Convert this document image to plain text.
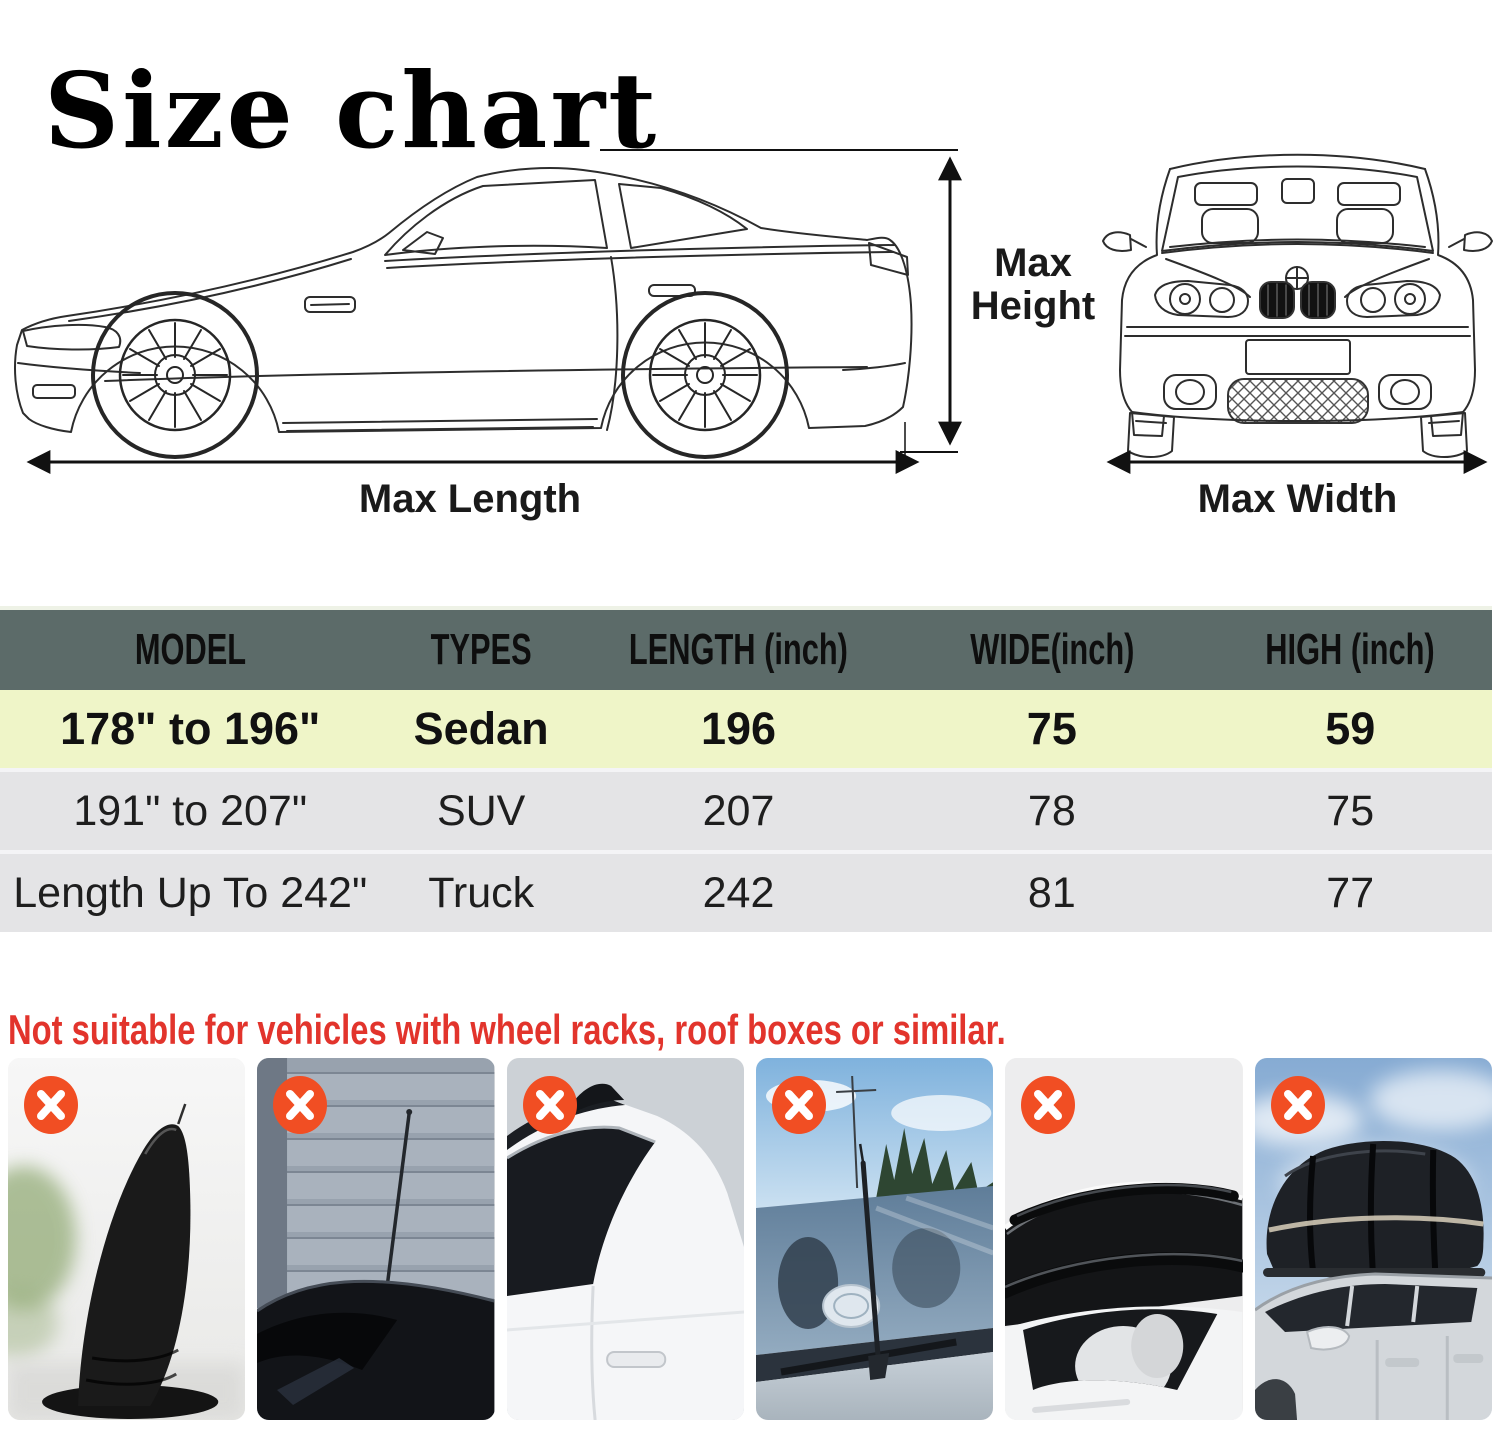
Size chart
Max Height
Max Length	Max Width
MODEL	TYPES	LENGTH (inch)	WIDE(inch)	HIGH (inch)
178" to 196"	Sedan	196	75	59
191" to 207"	SUV	207	78	75
Length Up To 242"	Truck	242	81	77

Not suitable for vehicles with wheel racks, roof boxes or similar.
